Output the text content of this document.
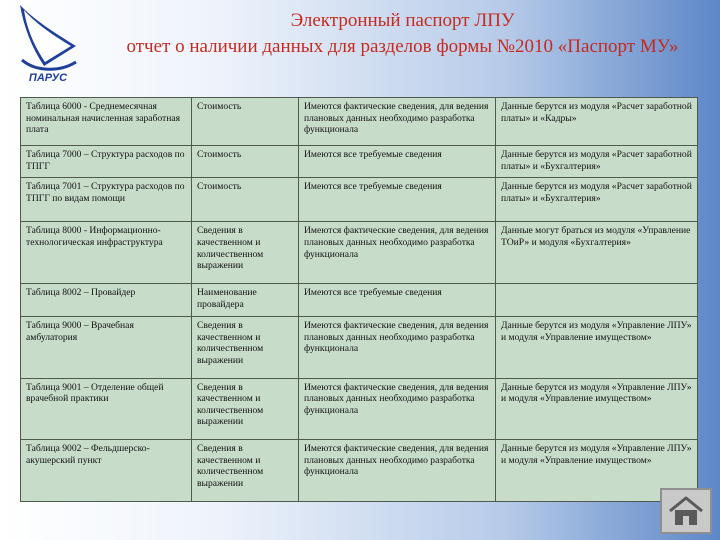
ПАРУС
Электронный паспорт ЛПУ
отчет о наличии данных для разделов формы №2010 «Паспорт МУ»
Таблица 6000 - Среднемесячная номинальная начисленная заработная плата	Стоимость	Имеются фактические сведения, для ведения плановых данных необходимо разработка функционала	Данные берутся из модуля «Расчет заработной платы» и «Кадры»
Таблица 7000 – Структура расходов по ТПГГ	Стоимость	Имеются все требуемые сведения	Данные берутся из модуля «Расчет заработной платы» и «Бухгалтерия»
Таблица 7001 – Структура расходов по ТПГГ по видам помощи	Стоимость	Имеются все требуемые сведения	Данные берутся из модуля «Расчет заработной платы» и «Бухгалтерия»
Таблица 8000 - Информационно-технологическая инфраструктура	Сведения в качественном и количественном выражении	Имеются фактические сведения, для ведения плановых данных необходимо разработка функционала	Данные могут браться из модуля «Управление ТОиР» и модуля «Бухгалтерия»
Таблица 8002 – Провайдер	Наименование провайдера	Имеются все требуемые сведения	
Таблица 9000 – Врачебная амбулатория	Сведения в качественном и количественном выражении	Имеются фактические сведения, для ведения плановых данных необходимо разработка функционала	Данные берутся из модуля «Управление ЛПУ» и модуля «Управление имуществом»
Таблица 9001 – Отделение общей врачебной практики	Сведения в качественном и количественном выражении	Имеются фактические сведения, для ведения плановых данных необходимо разработка функционала	Данные берутся из модуля «Управление ЛПУ» и модуля «Управление имуществом»
Таблица 9002 – Фельдшерско-акушерский пункт	Сведения в качественном и количественном выражении	Имеются фактические сведения, для ведения плановых данных необходимо разработка функционала	Данные берутся из модуля «Управление ЛПУ» и модуля «Управление имуществом»
